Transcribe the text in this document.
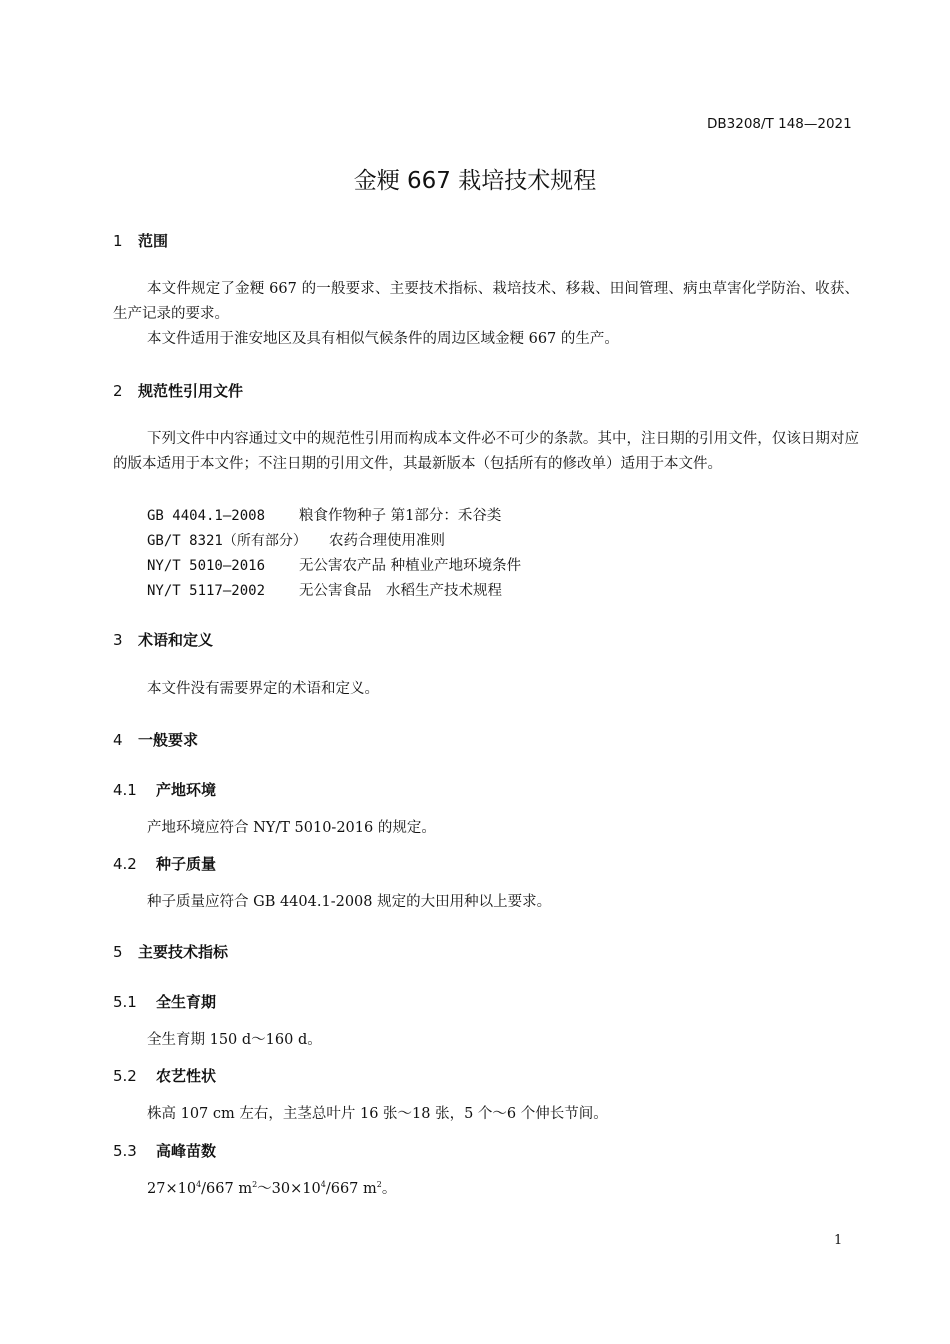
DB3208/T 148—2021
金粳 667 栽培技术规程
1 范围
本文件规定了金粳 667 的一般要求、主要技术指标、栽培技术、移栽、田间管理、病虫草害化学防治、收获、生产记录的要求。
本文件适用于淮安地区及具有相似气候条件的周边区域金粳 667 的生产。
2 规范性引用文件
下列文件中内容通过文中的规范性引用而构成本文件必不可少的条款。其中，注日期的引用文件，仅该日期对应的版本适用于本文件；不注日期的引用文件，其最新版本（包括所有的修改单）适用于本文件。
GB 4404.1—2008 粮食作物种子 第1部分：禾谷类
GB/T 8321（所有部分） 农药合理使用准则
NY/T 5010—2016 无公害农产品 种植业产地环境条件
NY/T 5117—2002 无公害食品　水稻生产技术规程
3 术语和定义
本文件没有需要界定的术语和定义。
4 一般要求
4.1 产地环境
产地环境应符合 NY/T 5010-2016 的规定。
4.2 种子质量
种子质量应符合 GB 4404.1-2008 规定的大田用种以上要求。
5 主要技术指标
5.1 全生育期
全生育期 150 d～160 d。
5.2 农艺性状
株高 107 cm 左右，主茎总叶片 16 张～18 张，5 个～6 个伸长节间。
5.3 高峰苗数
$27\times 10^4/667$ $m^2\sim 30\times 10^4/667$ $m^2$。
1
